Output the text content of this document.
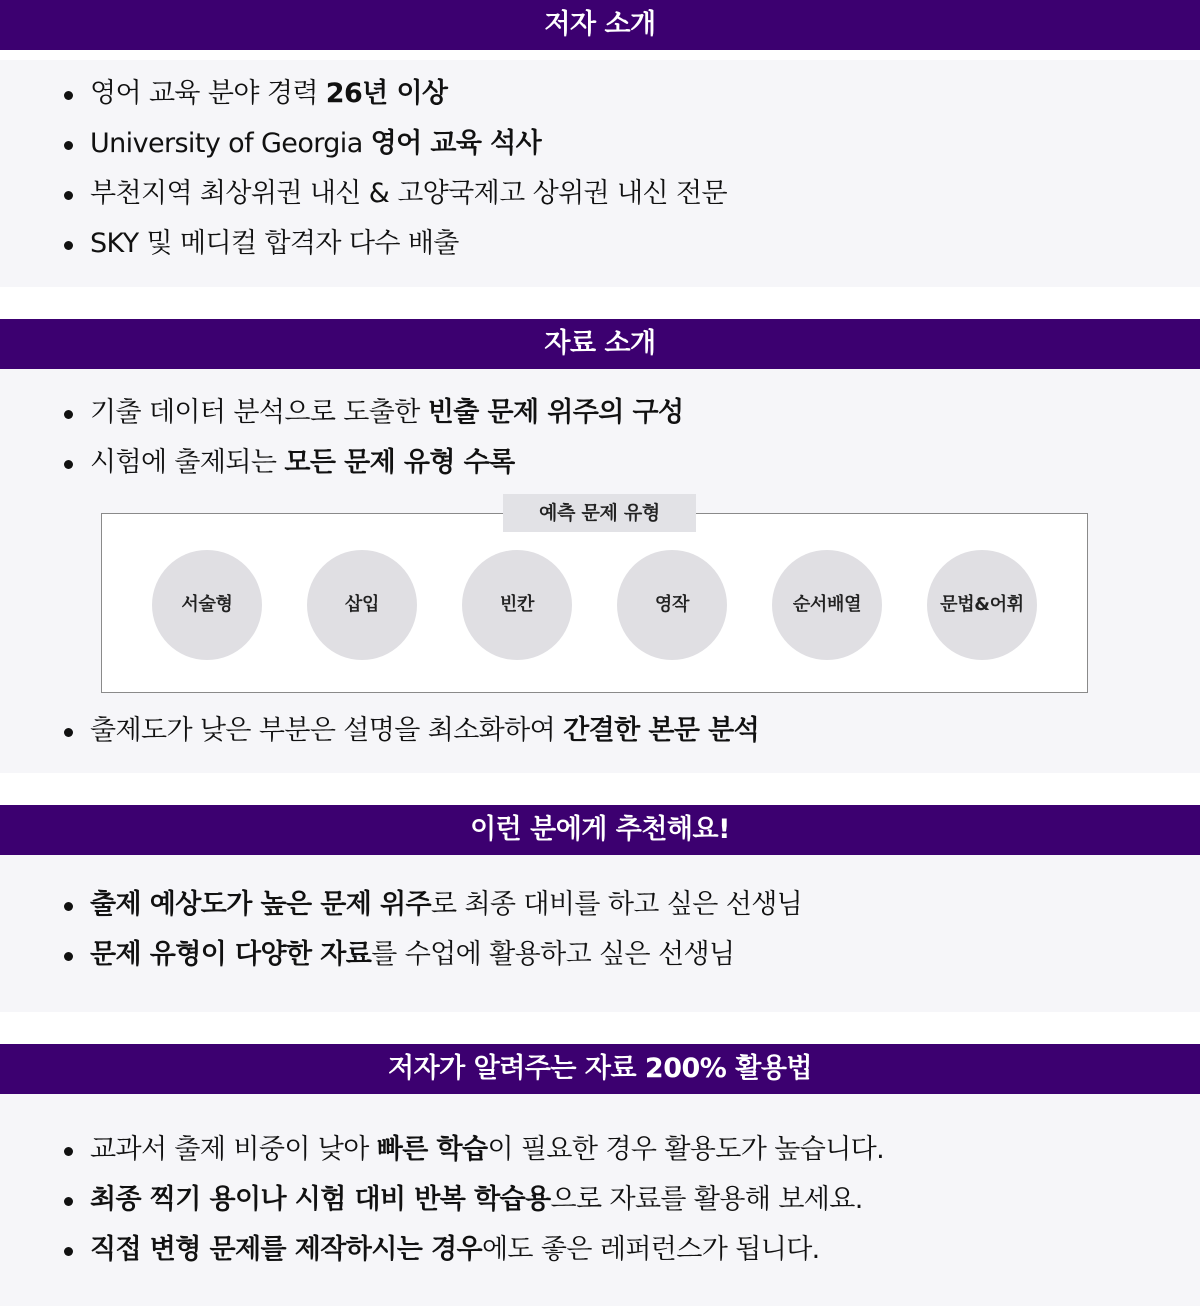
저자 소개
영어 교육 분야 경력 26년 이상
University of Georgia 영어 교육 석사
부천지역 최상위권 내신 & 고양국제고 상위권 내신 전문
SKY 및 메디컬 합격자 다수 배출
자료 소개
기출 데이터 분석으로 도출한 빈출 문제 위주의 구성
시험에 출제되는 모든 문제 유형 수록
출제도가 낮은 부분은 설명을 최소화하여 간결한 본문 분석
예측 문제 유형
서술형	삽입	빈칸	영작	순서배열	문법&어휘
이런 분에게 추천해요!
출제 예상도가 높은 문제 위주로 최종 대비를 하고 싶은 선생님
문제 유형이 다양한 자료를 수업에 활용하고 싶은 선생님
저자가 알려주는 자료 200% 활용법
교과서 출제 비중이 낮아 빠른 학습이 필요한 경우 활용도가 높습니다.
최종 찍기 용이나 시험 대비 반복 학습용으로 자료를 활용해 보세요.
직접 변형 문제를 제작하시는 경우에도 좋은 레퍼런스가 됩니다.
